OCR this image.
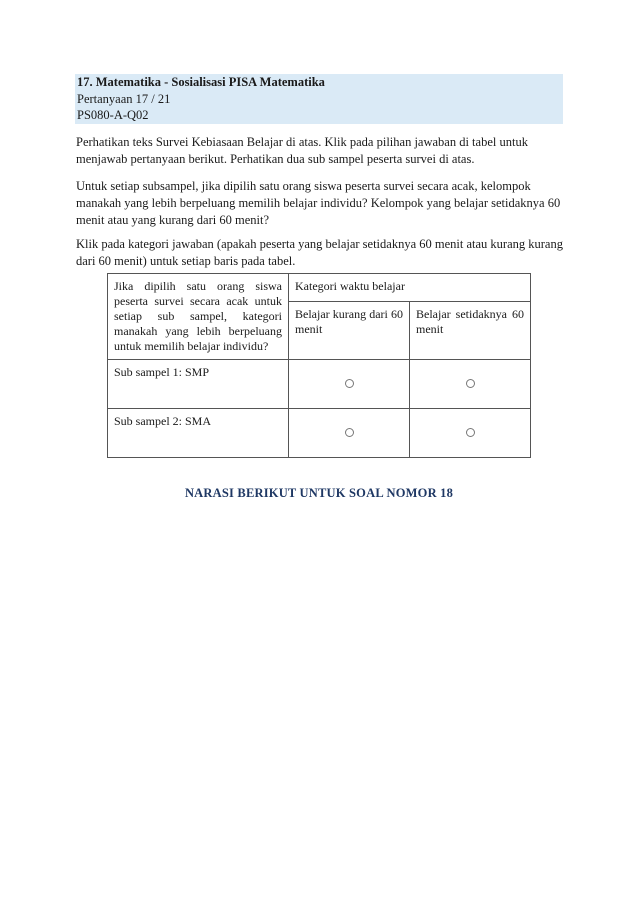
17. Matematika - Sosialisasi PISA Matematika
Pertanyaan 17 / 21
PS080-A-Q02

Perhatikan teks Survei Kebiasaan Belajar di atas. Klik pada pilihan jawaban di tabel untuk menjawab pertanyaan berikut. Perhatikan dua sub sampel peserta survei di atas.

Untuk setiap subsampel, jika dipilih satu orang siswa peserta survei secara acak, kelompok manakah yang lebih berpeluang memilih belajar individu? Kelompok yang belajar setidaknya 60 menit atau yang kurang dari 60 menit?

Klik pada kategori jawaban (apakah peserta yang belajar setidaknya 60 menit atau kurang kurang dari 60 menit) untuk setiap baris pada tabel.

Jika dipilih satu orang siswa peserta survei secara acak untuk setiap sub sampel, kategori manakah yang lebih berpeluang untuk memilih belajar individu?	Kategori waktu belajar	
	Belajar kurang dari 60 menit	Belajar setidaknya 60 menit
Sub sampel 1: SMP		
Sub sampel 2: SMA		
NARASI BERIKUT UNTUK SOAL NOMOR 18
